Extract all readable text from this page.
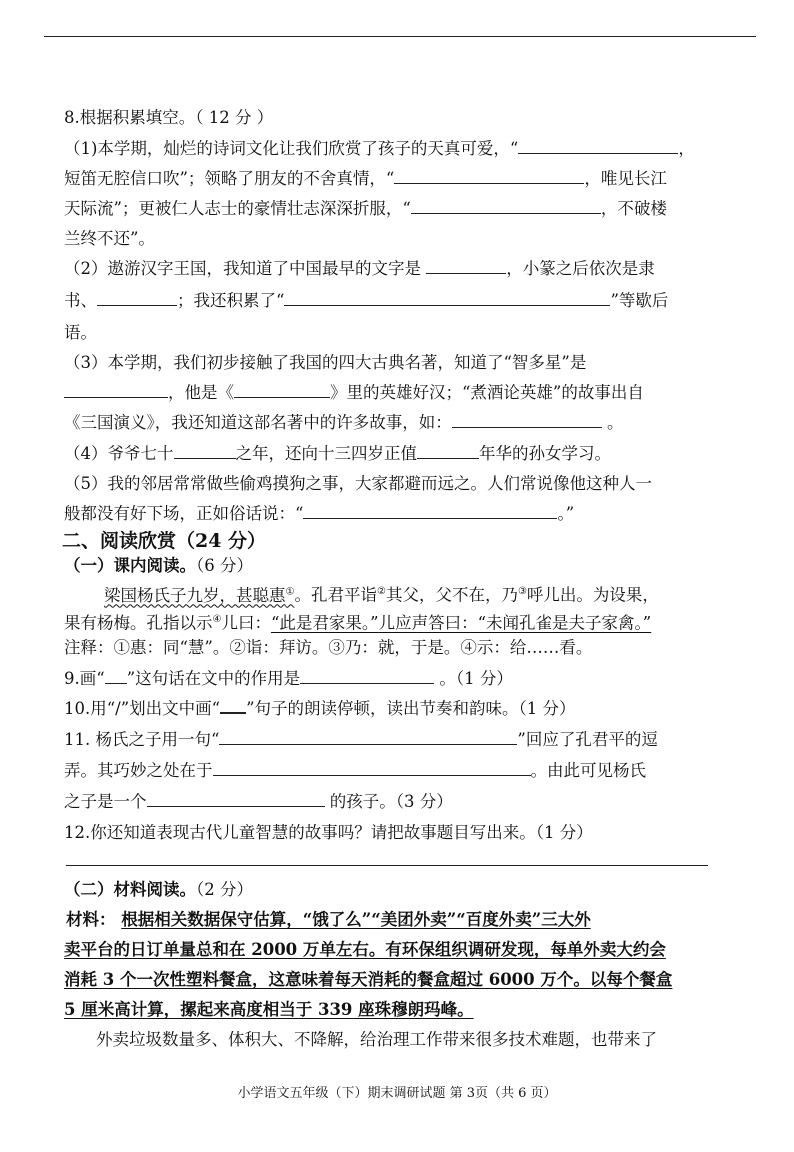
8.根据积累填空。（ 12 分 ）
（1)本学期，灿烂的诗词文化让我们欣赏了孩子的天真可爱，“	，
短笛无腔信口吹”；领略了朋友的不舍真情，“	，唯见长江
天际流”；更被仁人志士的豪情壮志深深折服，“	，不破楼
兰终不还”。
（2）遨游汉字王国，我知道了中国最早的文字是	，小篆之后依次是隶
书、	；我还积累了“	”等歇后
语。
（3）本学期，我们初步接触了我国的四大古典名著，知道了“智多星”是
，他是《	》里的英雄好汉；“煮酒论英雄”的故事出自
《三国演义》，我还知道这部名著中的许多故事，如：	。
（4）爷爷七十	之年，还向十三四岁正值	年华的孙女学习。
（5）我的邻居常常做些偷鸡摸狗之事，大家都避而远之。人们常说像他这种人一
般都没有好下场，正如俗话说：“	。”
二、阅读欣赏（24 分）
（一）课内阅读。（6 分）
梁国杨氏子九岁，甚聪惠①。孔君平诣②其父，父不在，乃③呼儿出。为设果，
果有杨梅。孔指以示④儿曰：“此是君家果。”儿应声答曰：“未闻孔雀是夫子家禽。”
注释：①惠：同“慧”。②诣：拜访。③乃：就，于是。④示：给……看。
9.画“ ”这句话在文中的作用是	。（1 分）
10.用“/”划出文中画“ ”句子的朗读停顿，读出节奏和韵味。（1 分）
11. 杨氏之子用一句“	”回应了孔君平的逗
弄。其巧妙之处在于	。由此可见杨氏
之子是一个	的孩子。（3 分）
12.你还知道表现古代儿童智慧的故事吗？请把故事题目写出来。（1 分）
（二）材料阅读。（2 分）
材料： 根据相关数据保守估算，“饿了么”“美团外卖”“百度外卖”三大外
卖平台的日订单量总和在 2000 万单左右。有环保组织调研发现，每单外卖大约会
消耗 3 个一次性塑料餐盒，这意味着每天消耗的餐盒超过 6000 万个。以每个餐盒
5 厘米高计算，摞起来高度相当于 339 座珠穆朗玛峰。
外卖垃圾数量多、体积大、不降解，给治理工作带来很多技术难题，也带来了
小学语文五年级（下）期末调研试题 第 3页（共 6 页）
